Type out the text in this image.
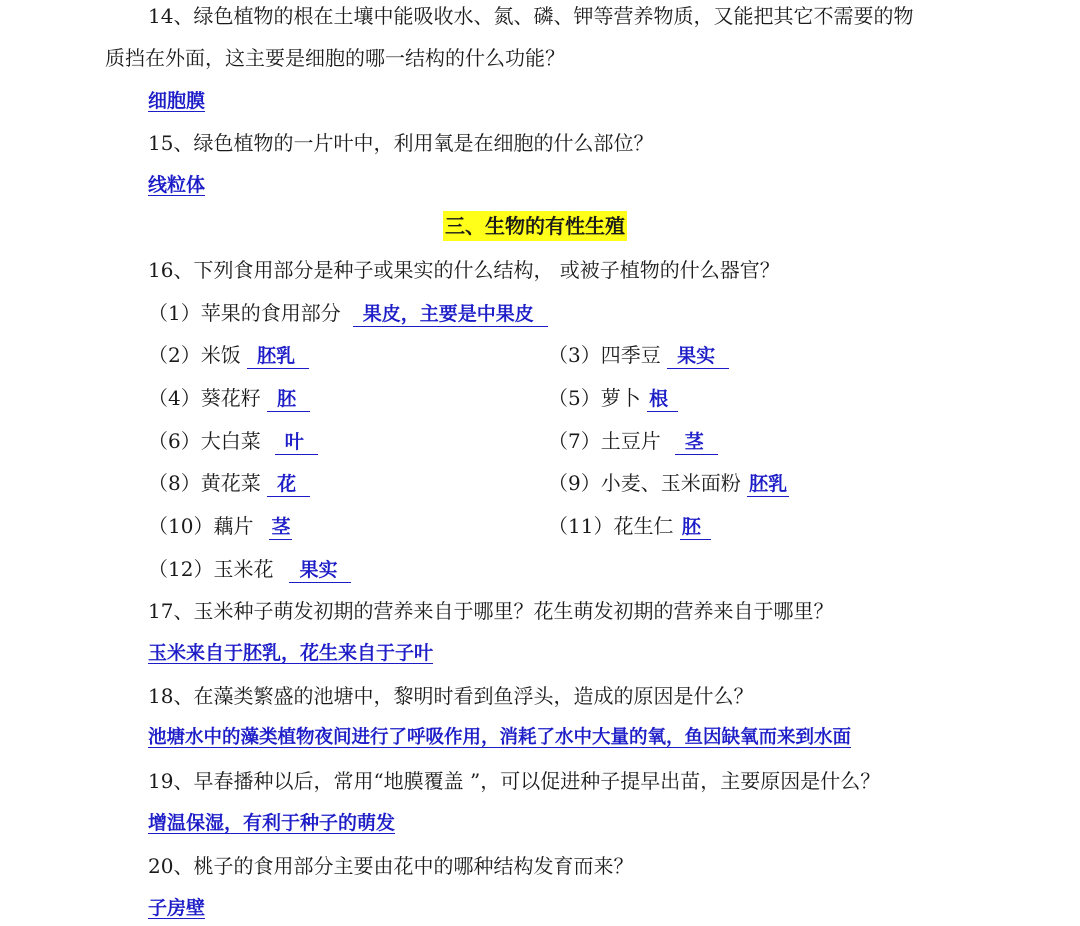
14、绿色植物的根在土壤中能吸收水、氮、磷、钾等营养物质，又能把其它不需要的物
质挡在外面，这主要是细胞的哪一结构的什么功能？
细胞膜
15、绿色植物的一片叶中，利用氧是在细胞的什么部位？
线粒体
三、生物的有性生殖
16、下列食用部分是种子或果实的什么结构， 或被子植物的什么器官？
（1）苹果的食用部分 果皮，主要是中果皮
（2）米饭 胚乳	（3）四季豆 果实
（4）葵花籽 胚	（5）萝卜 根
（6）大白菜 叶	（7）土豆片 茎
（8）黄花菜 花	（9）小麦、玉米面粉 胚乳
（10）藕片 茎	（11）花生仁 胚
（12）玉米花 果实
17、玉米种子萌发初期的营养来自于哪里？花生萌发初期的营养来自于哪里？
玉米来自于胚乳，花生来自于子叶
18、在藻类繁盛的池塘中，黎明时看到鱼浮头，造成的原因是什么？
池塘水中的藻类植物夜间进行了呼吸作用，消耗了水中大量的氧，鱼因缺氧而来到水面
19、早春播种以后，常用“地膜覆盖 ”，可以促进种子提早出苗，主要原因是什么？
增温保湿，有利于种子的萌发
20、桃子的食用部分主要由花中的哪种结构发育而来？
子房壁
